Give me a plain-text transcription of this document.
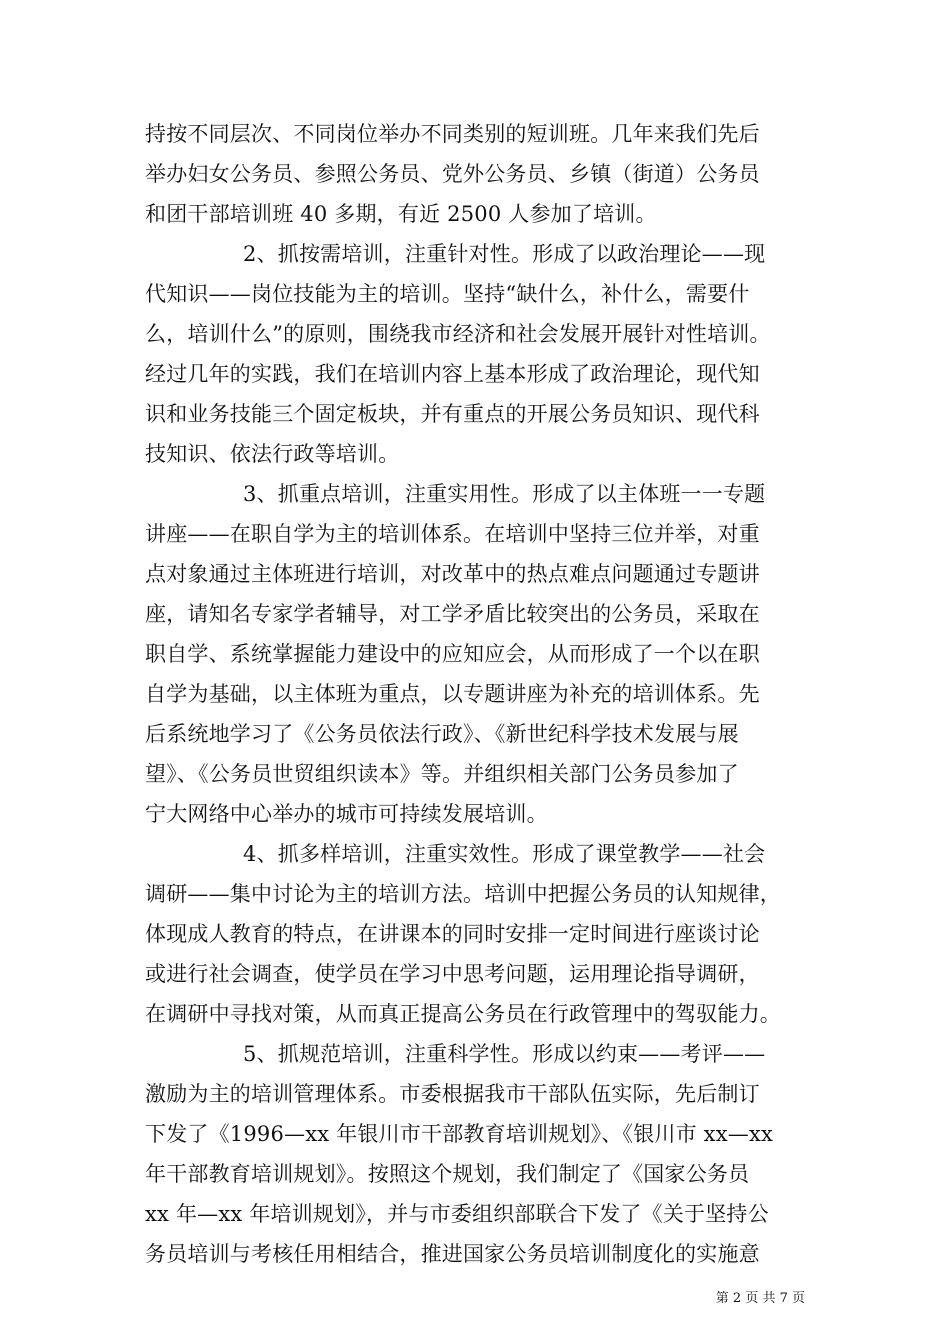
持按不同层次、不同岗位举办不同类别的短训班。几年来我们先后
举办妇女公务员、参照公务员、党外公务员、乡镇（街道）公务员
和团干部培训班 40 多期，有近 2500 人参加了培训。
2、抓按需培训，注重针对性。形成了以政治理论——现
代知识——岗位技能为主的培训。坚持“缺什么，补什么，需要什
么，培训什么”的原则，围绕我市经济和社会发展开展针对性培训。
经过几年的实践，我们在培训内容上基本形成了政治理论，现代知
识和业务技能三个固定板块，并有重点的开展公务员知识、现代科
技知识、依法行政等培训。
3、抓重点培训，注重实用性。形成了以主体班一一专题
讲座——在职自学为主的培训体系。在培训中坚持三位并举，对重
点对象通过主体班进行培训，对改革中的热点难点问题通过专题讲
座，请知名专家学者辅导，对工学矛盾比较突出的公务员，采取在
职自学、系统掌握能力建设中的应知应会，从而形成了一个以在职
自学为基础，以主体班为重点，以专题讲座为补充的培训体系。先
后系统地学习了《公务员依法行政》、《新世纪科学技术发展与展
望》、《公务员世贸组织读本》等。并组织相关部门公务员参加了
宁大网络中心举办的城市可持续发展培训。
4、抓多样培训，注重实效性。形成了课堂教学——社会
调研——集中讨论为主的培训方法。培训中把握公务员的认知规律，
体现成人教育的特点，在讲课本的同时安排一定时间进行座谈讨论
或进行社会调查，使学员在学习中思考问题，运用理论指导调研，
在调研中寻找对策，从而真正提高公务员在行政管理中的驾驭能力。
5、抓规范培训，注重科学性。形成以约束——考评——
激励为主的培训管理体系。市委根据我市干部队伍实际，先后制订
下发了《1996—xx 年银川市干部教育培训规划》、《银川市 xx—xx
年干部教育培训规划》。按照这个规划，我们制定了《国家公务员
xx 年—xx 年培训规划》，并与市委组织部联合下发了《关于坚持公
务员培训与考核任用相结合，推进国家公务员培训制度化的实施意
第 2 页 共 7 页
